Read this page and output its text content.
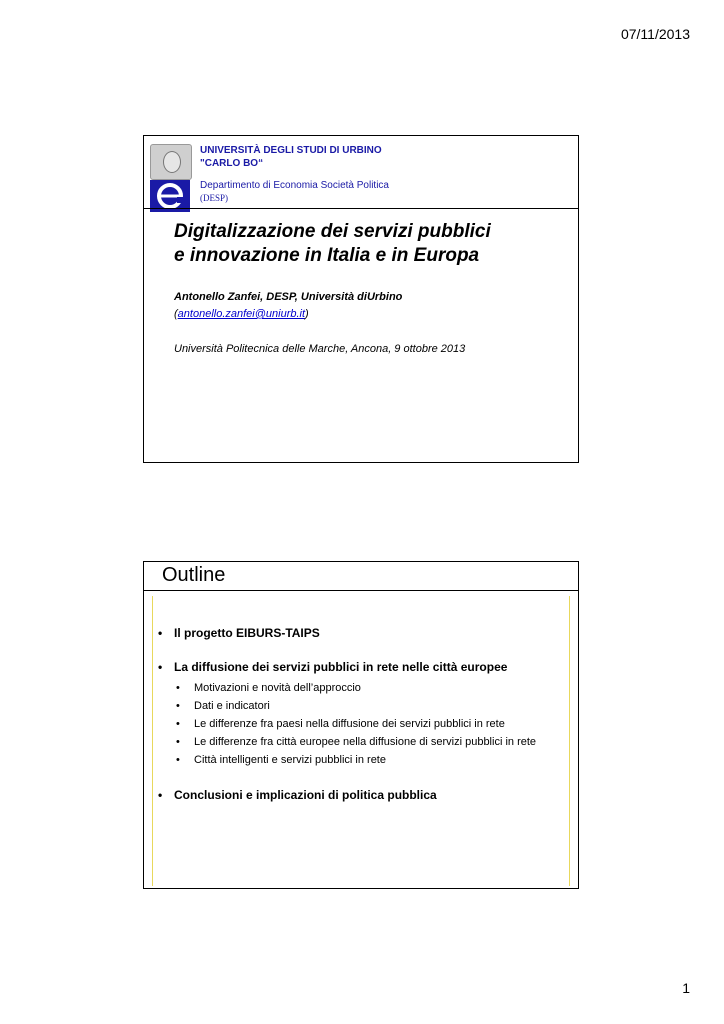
07/11/2013
UNIVERSITÀ DEGLI STUDI DI URBINO
"CARLO BO“
Departimento di Economia Società Politica
(DESP)
Digitalizzazione dei servizi pubblici
e innovazione in Italia e in Europa
Antonello Zanfei, DESP, Università diUrbino
(antonello.zanfei@uniurb.it)
Università Politecnica delle Marche, Ancona, 9 ottobre 2013
Outline
• Il progetto EIBURS-TAIPS
• La diffusione dei servizi pubblici in rete nelle città europee
•	Motivazioni e novità dell’approccio
•	Dati e indicatori
•	Le differenze fra paesi nella diffusione dei servizi pubblici in rete
•	Le differenze fra città europee nella diffusione di servizi pubblici in rete
•	Città intelligenti e servizi pubblici in rete
• Conclusioni e implicazioni di politica pubblica
1
